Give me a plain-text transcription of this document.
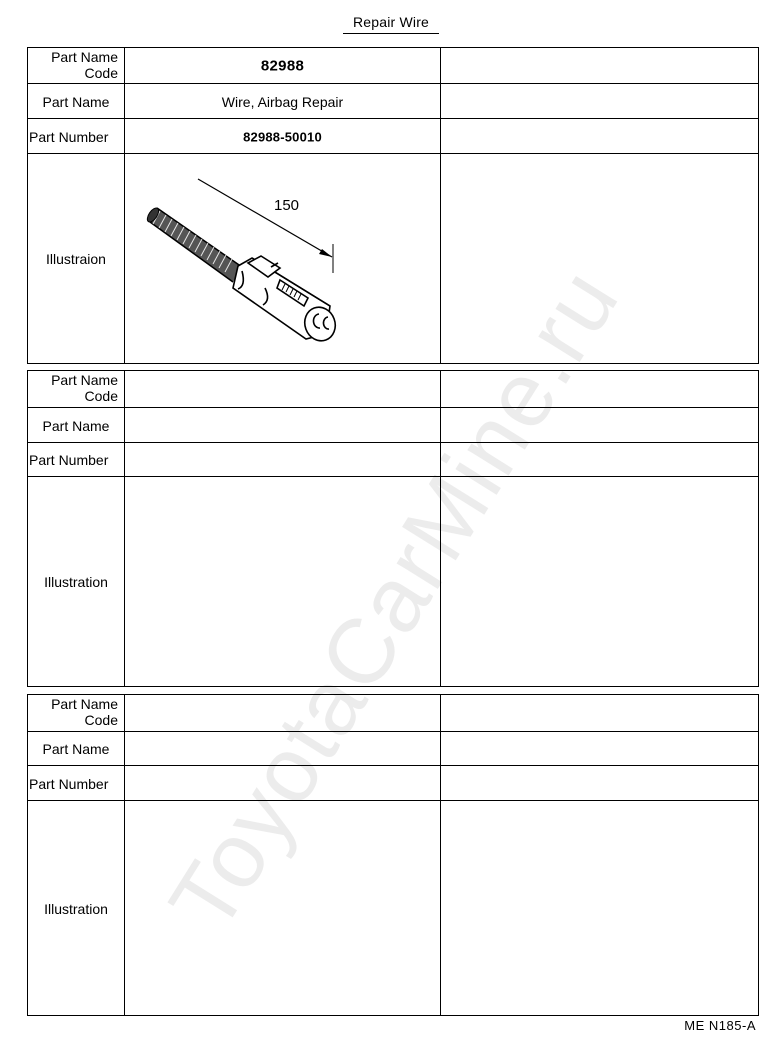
Repair Wire
Part Name
Code	82988
Part Name	Wire, Airbag Repair
Part Number	82988-50010
Illustraion
150
Part Name
Code
Part Name
Part Number
Illustration
Part Name
Code
Part Name
Part Number
Illustration ToyotaCarMine.ru
ME N185-A
